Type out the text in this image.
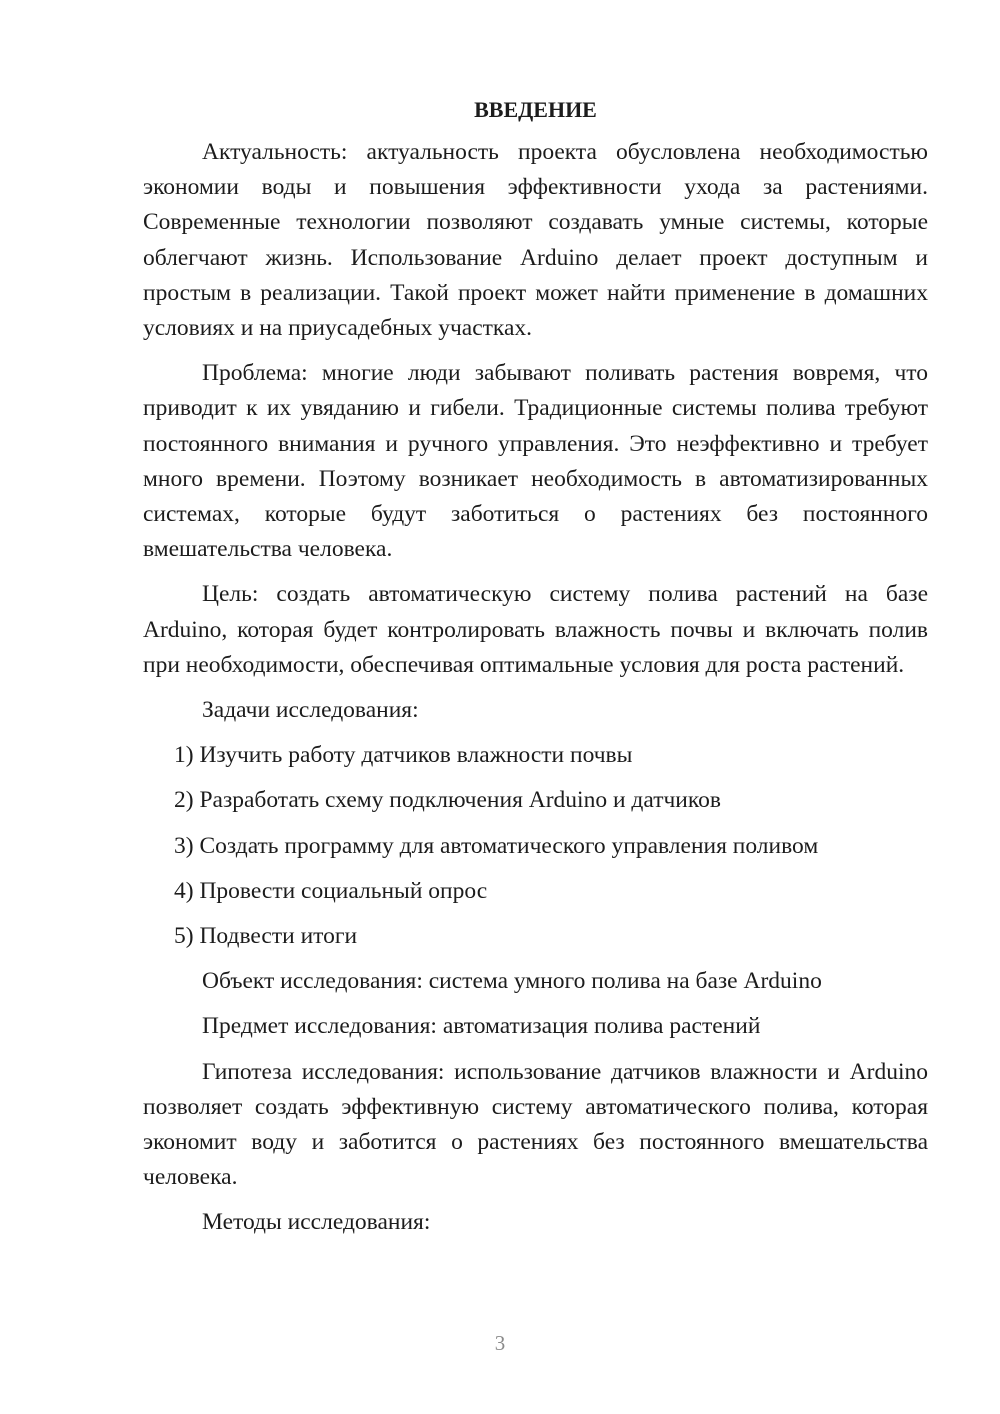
ВВЕДЕНИЕ

Актуальность: актуальность проекта обусловлена необходимостью экономии воды и повышения эффективности ухода за растениями. Современные технологии позволяют создавать умные системы, которые облегчают жизнь. Использование Arduino делает проект доступным и простым в реализации. Такой проект может найти применение в домашних условиях и на приусадебных участках.

Проблема: многие люди забывают поливать растения вовремя, что приводит к их увяданию и гибели. Традиционные системы полива требуют постоянного внимания и ручного управления. Это неэффективно и требует много времени. Поэтому возникает необходимость в автоматизированных системах, которые будут заботиться о растениях без постоянного вмешательства человека.

Цель: создать автоматическую систему полива растений на базе Arduino, которая будет контролировать влажность почвы и включать полив при необходимости, обеспечивая оптимальные условия для роста растений.

Задачи исследования:

1) Изучить работу датчиков влажности почвы

2) Разработать схему подключения Arduino и датчиков

3) Создать программу для автоматического управления поливом

4) Провести социальный опрос

5) Подвести итоги

Объект исследования: система умного полива на базе Arduino

Предмет исследования: автоматизация полива растений

Гипотеза исследования: использование датчиков влажности и Arduino позволяет создать эффективную систему автоматического полива, которая экономит воду и заботится о растениях без постоянного вмешательства человека.

Методы исследования:

3
